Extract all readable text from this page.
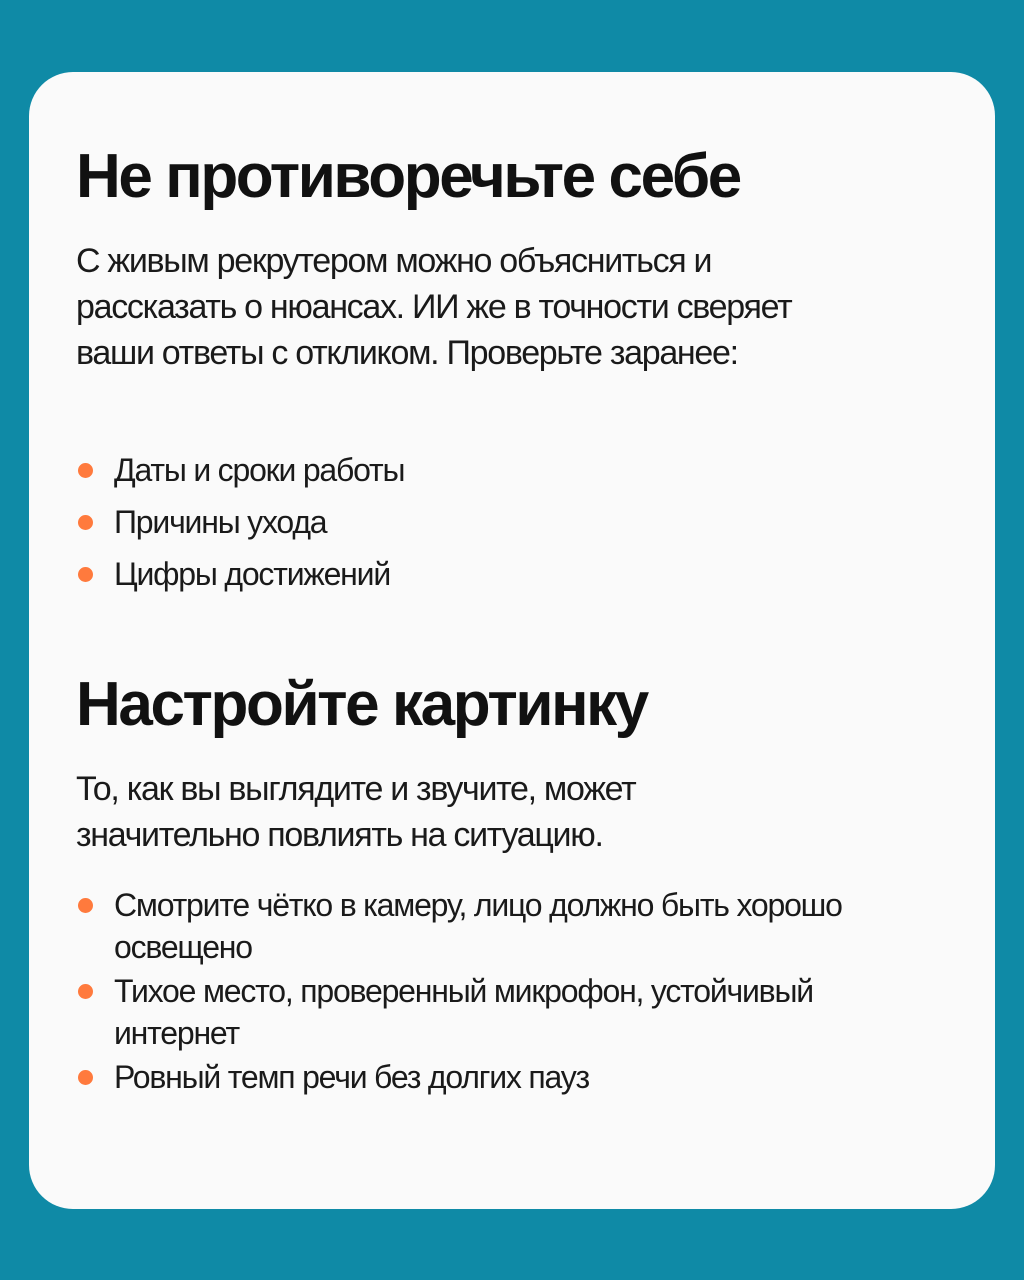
Не противоречьте себе

С живым рекрутером можно объясниться и рассказать о нюансах. ИИ же в точности сверяет ваши ответы с откликом. Проверьте заранее:

Даты и сроки работы
Причины ухода
Цифры достижений
Настройте картинку

То, как вы выглядите и звучите, может значительно повлиять на ситуацию.

Смотрите чётко в камеру, лицо должно быть хорошо освещено
Тихое место, проверенный микрофон, устойчивый интернет
Ровный темп речи без долгих пауз
